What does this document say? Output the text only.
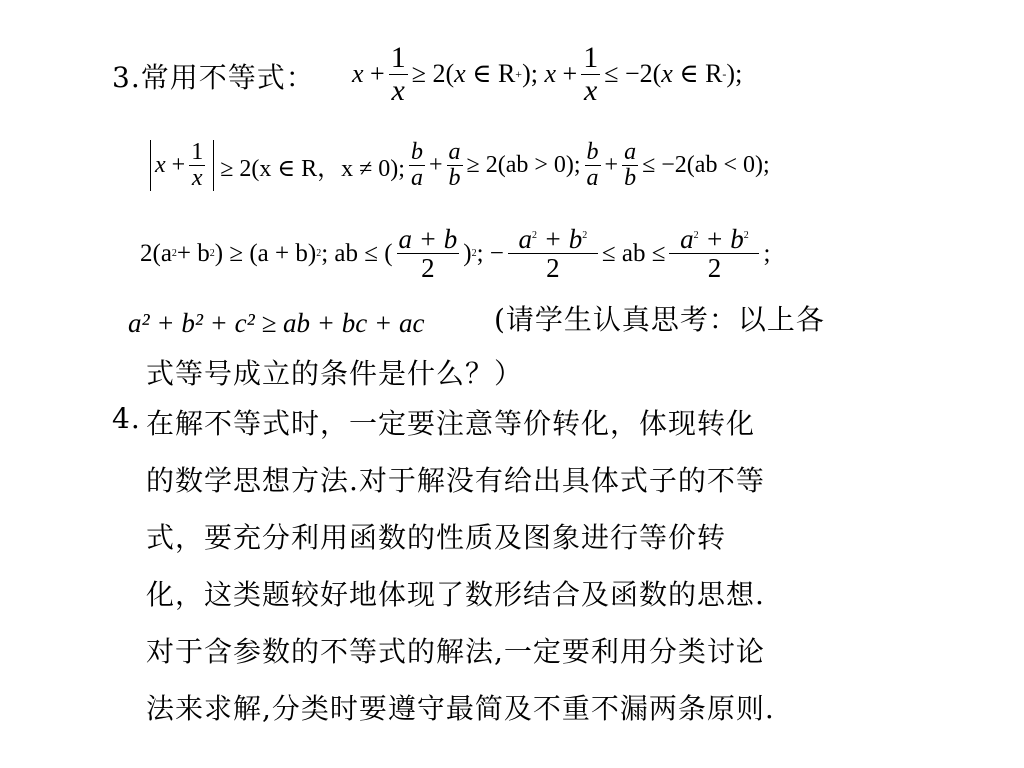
3.常用不等式： x
+ $\frac{1}{x} \ge 2$( x
∈
R + );
x
+ $\frac{1}{x} \le -2$( x
∈
R - );
x
+ $\frac{1}{x}$
≥ 2(x ∈ R，x ≠ 0); $\frac{b}{a} + \frac{a}{b} \ge 2(ab > 0)$; $\frac{b}{a} + \frac{a}{b} \le -2(ab < 0)$;
2(a 2 + b 2 ) ≥ (a + b) 2 ; ab ≤ ( $\frac{a + b}{2}$ ) 2 ; − $\frac{a^2 + b^2}{2}$ ≤ ab ≤ $\frac{a^2 + b^2}{2}$ ;
a² + b² + c² ≥ ab + bc + ac (请学生认真思考：以上各
式等号成立的条件是什么？）
4. 在解不等式时，一定要注意等价转化，体现转化
的数学思想方法.对于解没有给出具体式子的不等
式，要充分利用函数的性质及图象进行等价转
化，这类题较好地体现了数形结合及函数的思想.
对于含参数的不等式的解法,一定要利用分类讨论
法来求解,分类时要遵守最简及不重不漏两条原则.
